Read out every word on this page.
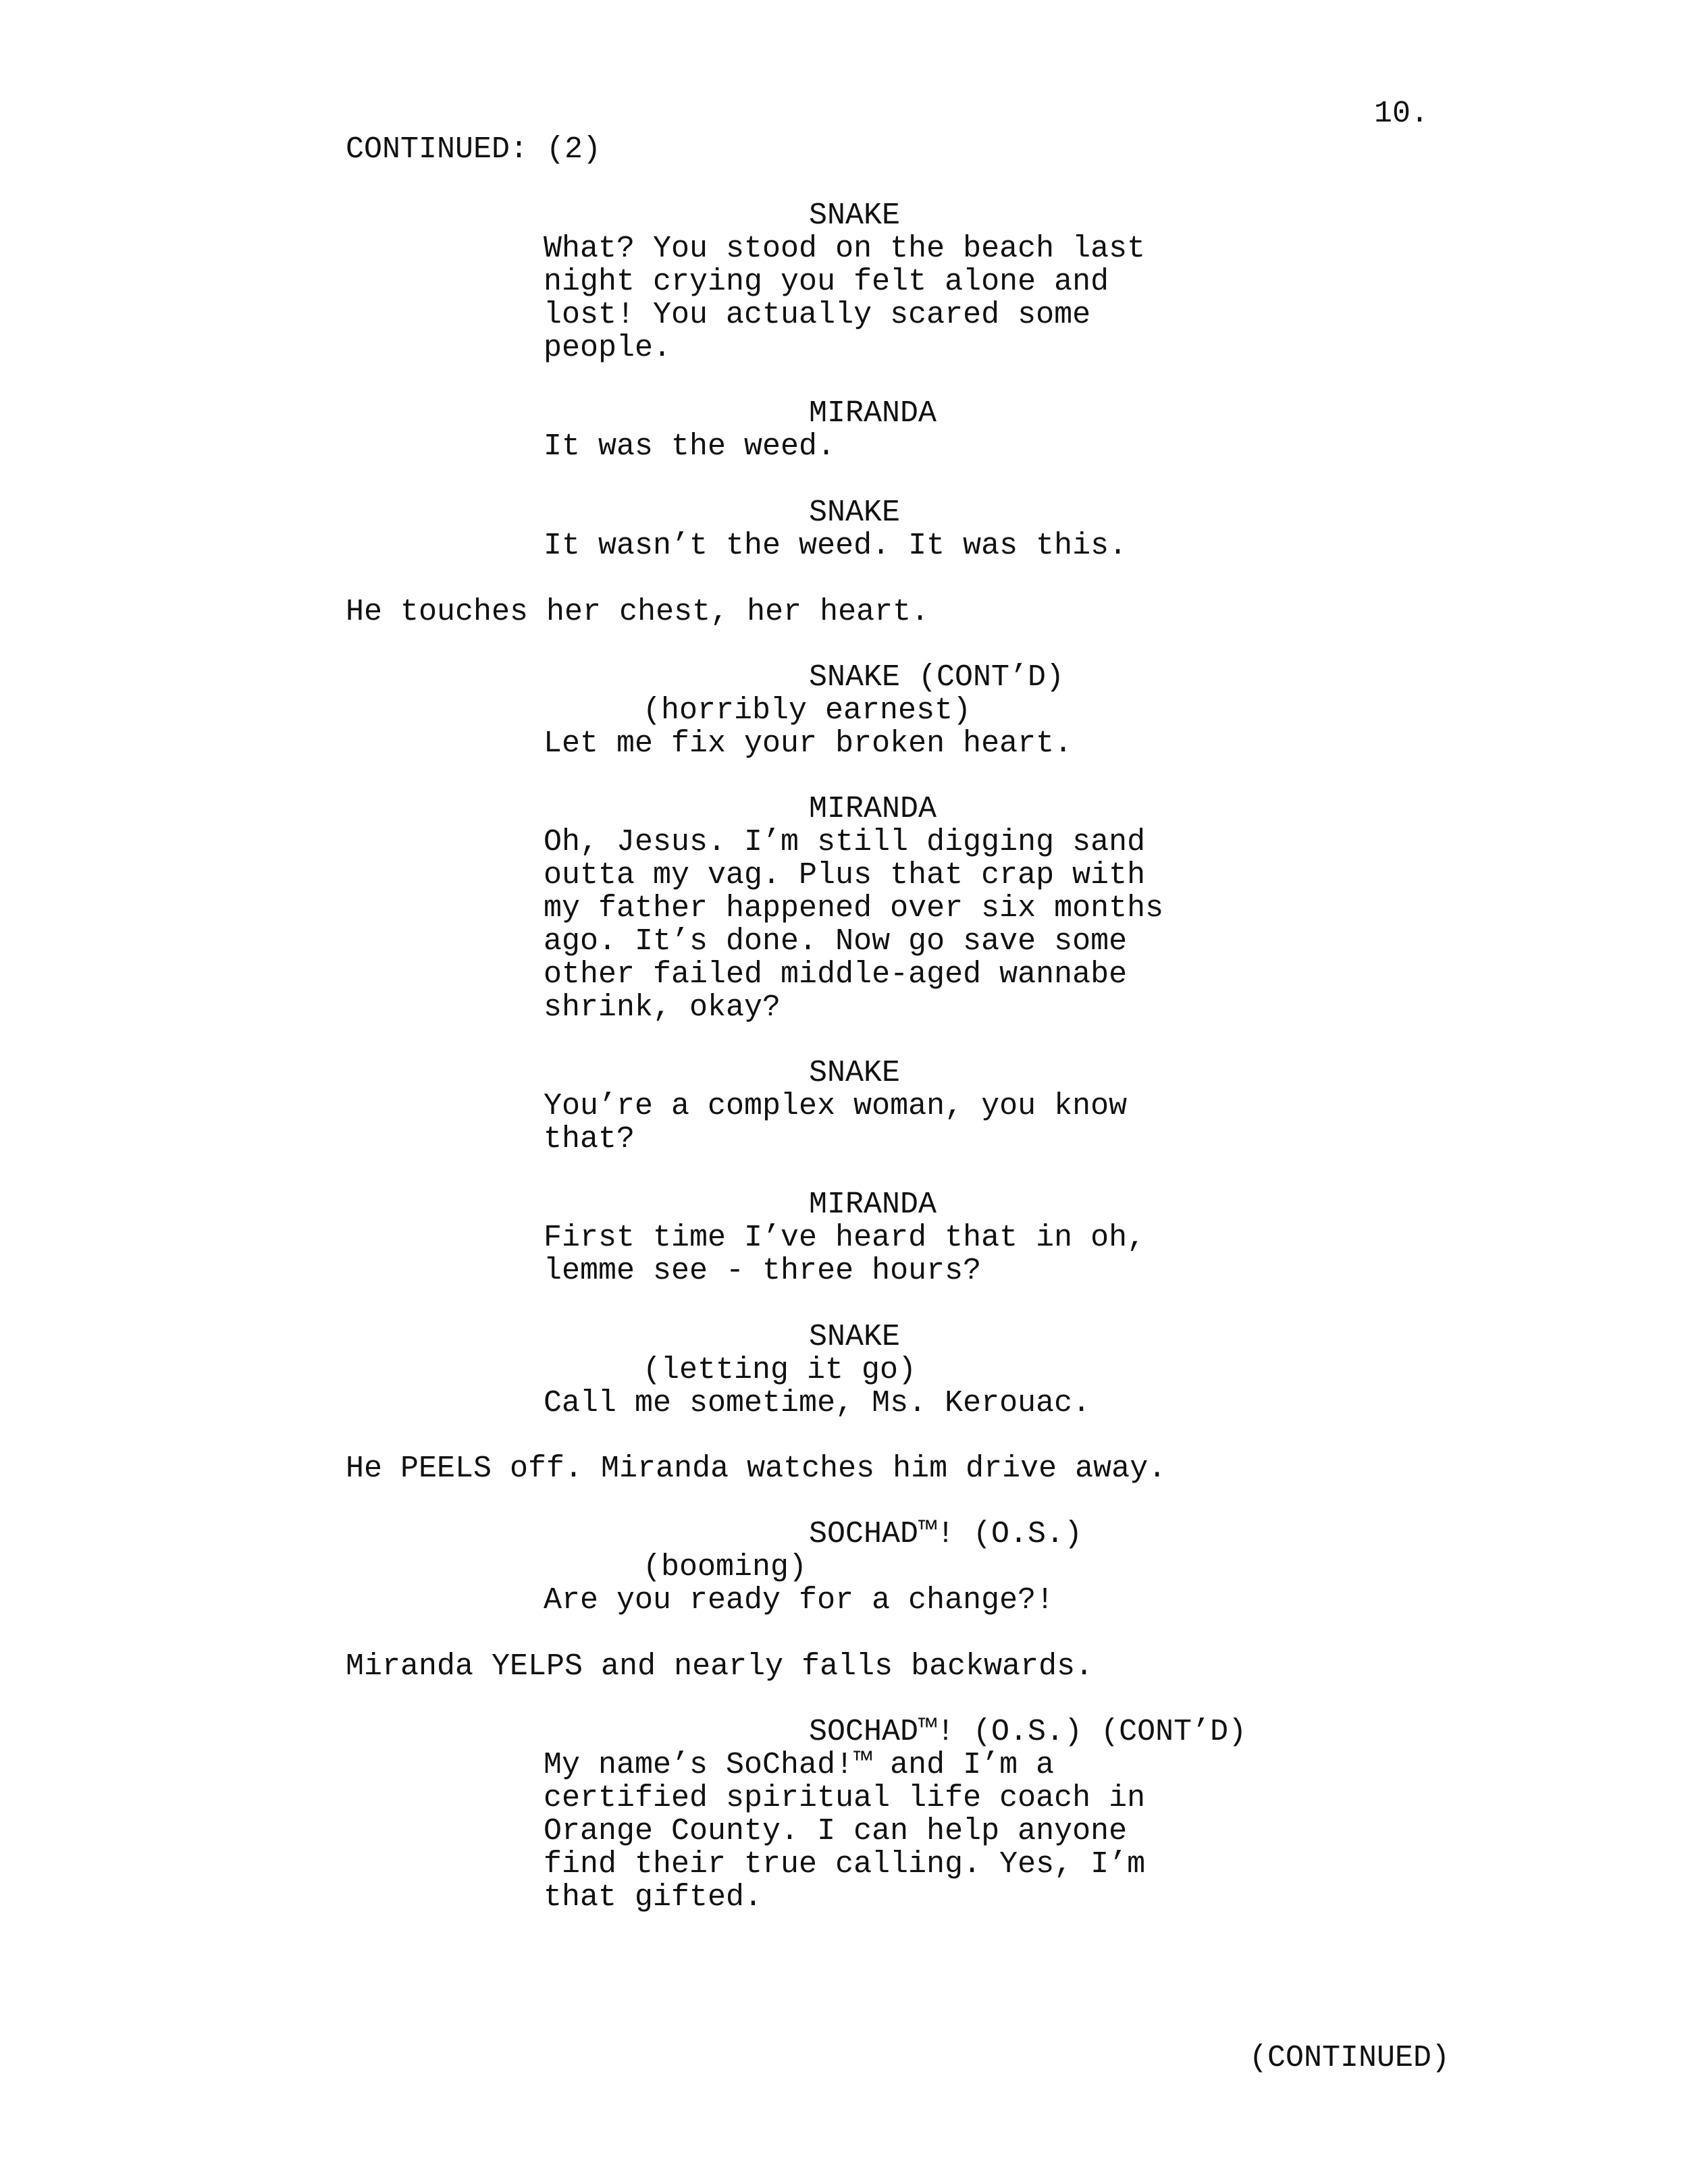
10.

CONTINUED: (2)

SNAKE

What? You stood on the beach last

night crying you felt alone and

lost! You actually scared some

people.

MIRANDA

It was the weed.

SNAKE

It wasn’t the weed. It was this.

He touches her chest, her heart.

SNAKE (CONT’D)

(horribly earnest)

Let me fix your broken heart.

MIRANDA

Oh, Jesus. I’m still digging sand

outta my vag. Plus that crap with

my father happened over six months

ago. It’s done. Now go save some

other failed middle-aged wannabe

shrink, okay?

SNAKE

You’re a complex woman, you know

that?

MIRANDA

First time I’ve heard that in oh,

lemme see - three hours?

SNAKE

(letting it go)

Call me sometime, Ms. Kerouac.

He PEELS off. Miranda watches him drive away.

SOCHAD™! (O.S.)

(booming)

Are you ready for a change?!

Miranda YELPS and nearly falls backwards.

SOCHAD™! (O.S.) (CONT’D)

My name’s SoChad!™ and I’m a

certified spiritual life coach in

Orange County. I can help anyone

find their true calling. Yes, I’m

that gifted.

(CONTINUED)
